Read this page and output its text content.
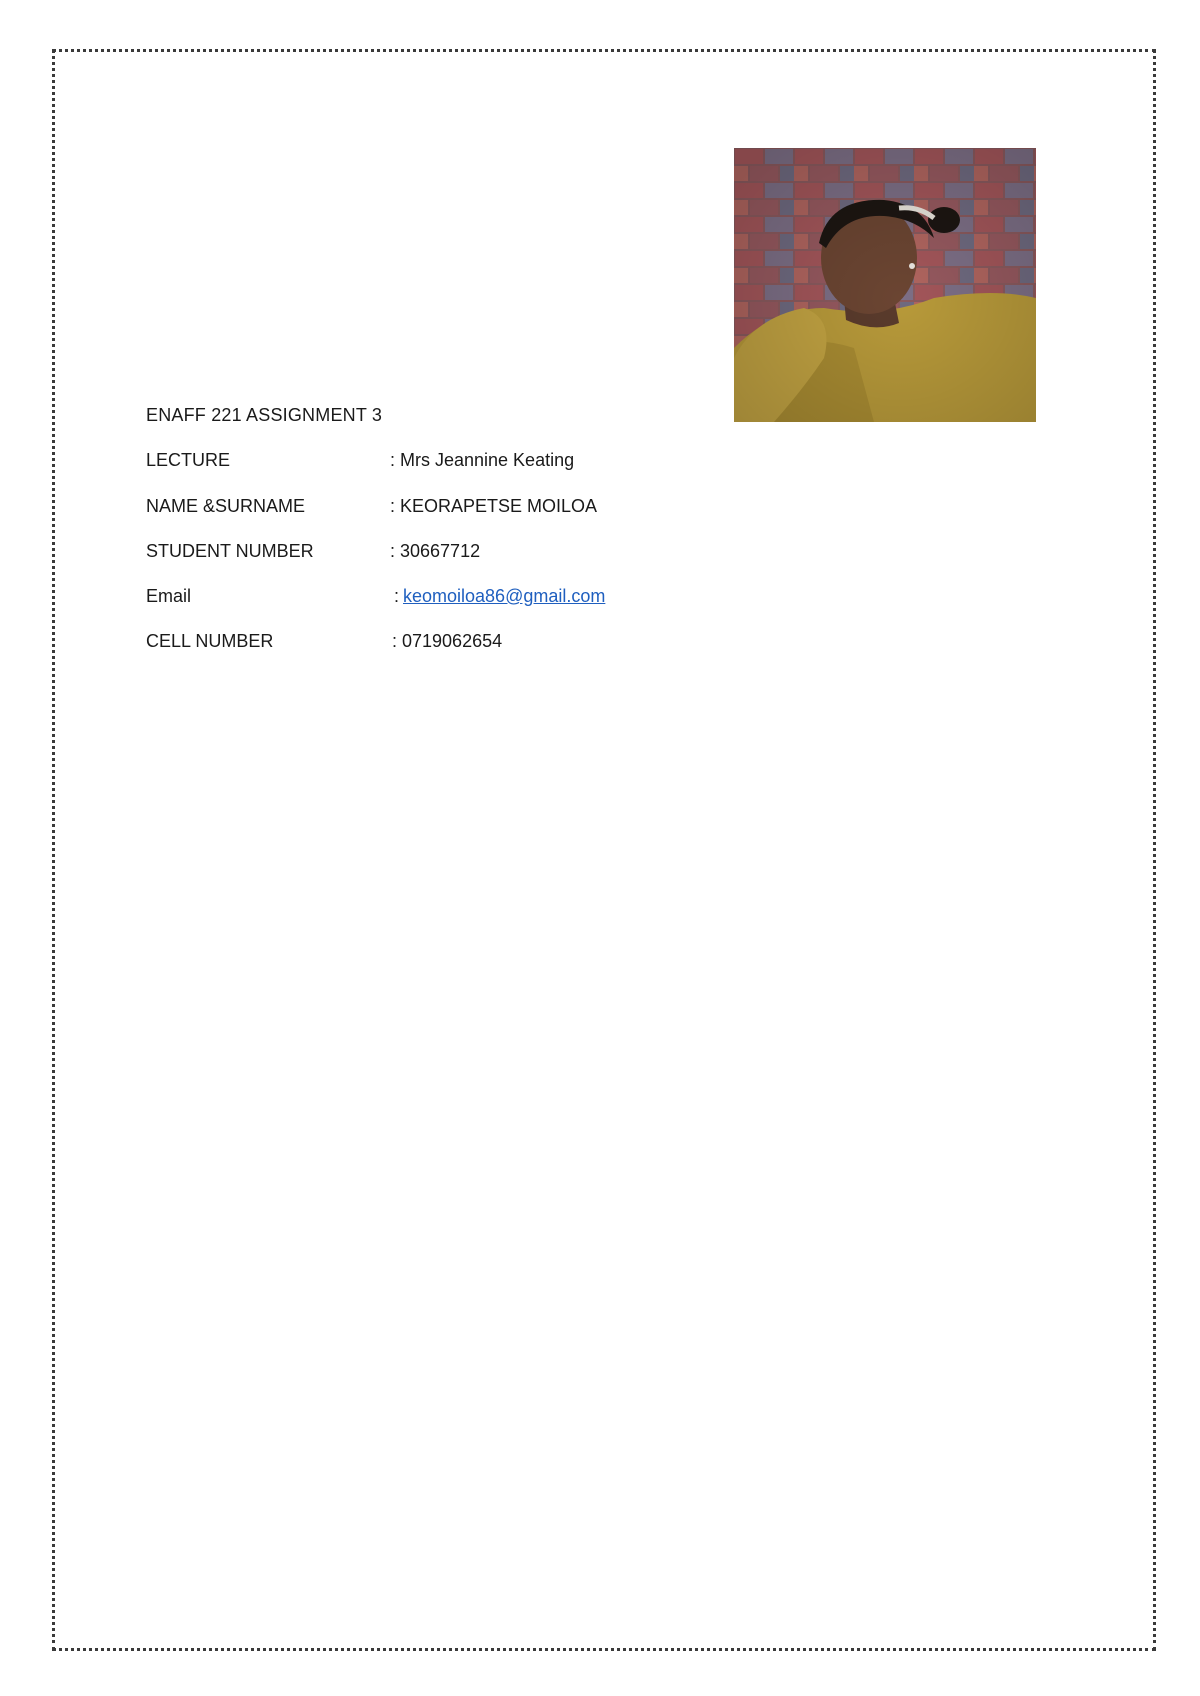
ENAFF 221 ASSIGNMENT 3
LECTURE	: Mrs Jeannine Keating
NAME &SURNAME	: KEORAPETSE MOILOA
STUDENT NUMBER	: 30667712
Email	: keomoiloa86@gmail.com
CELL NUMBER	: 0719062654
